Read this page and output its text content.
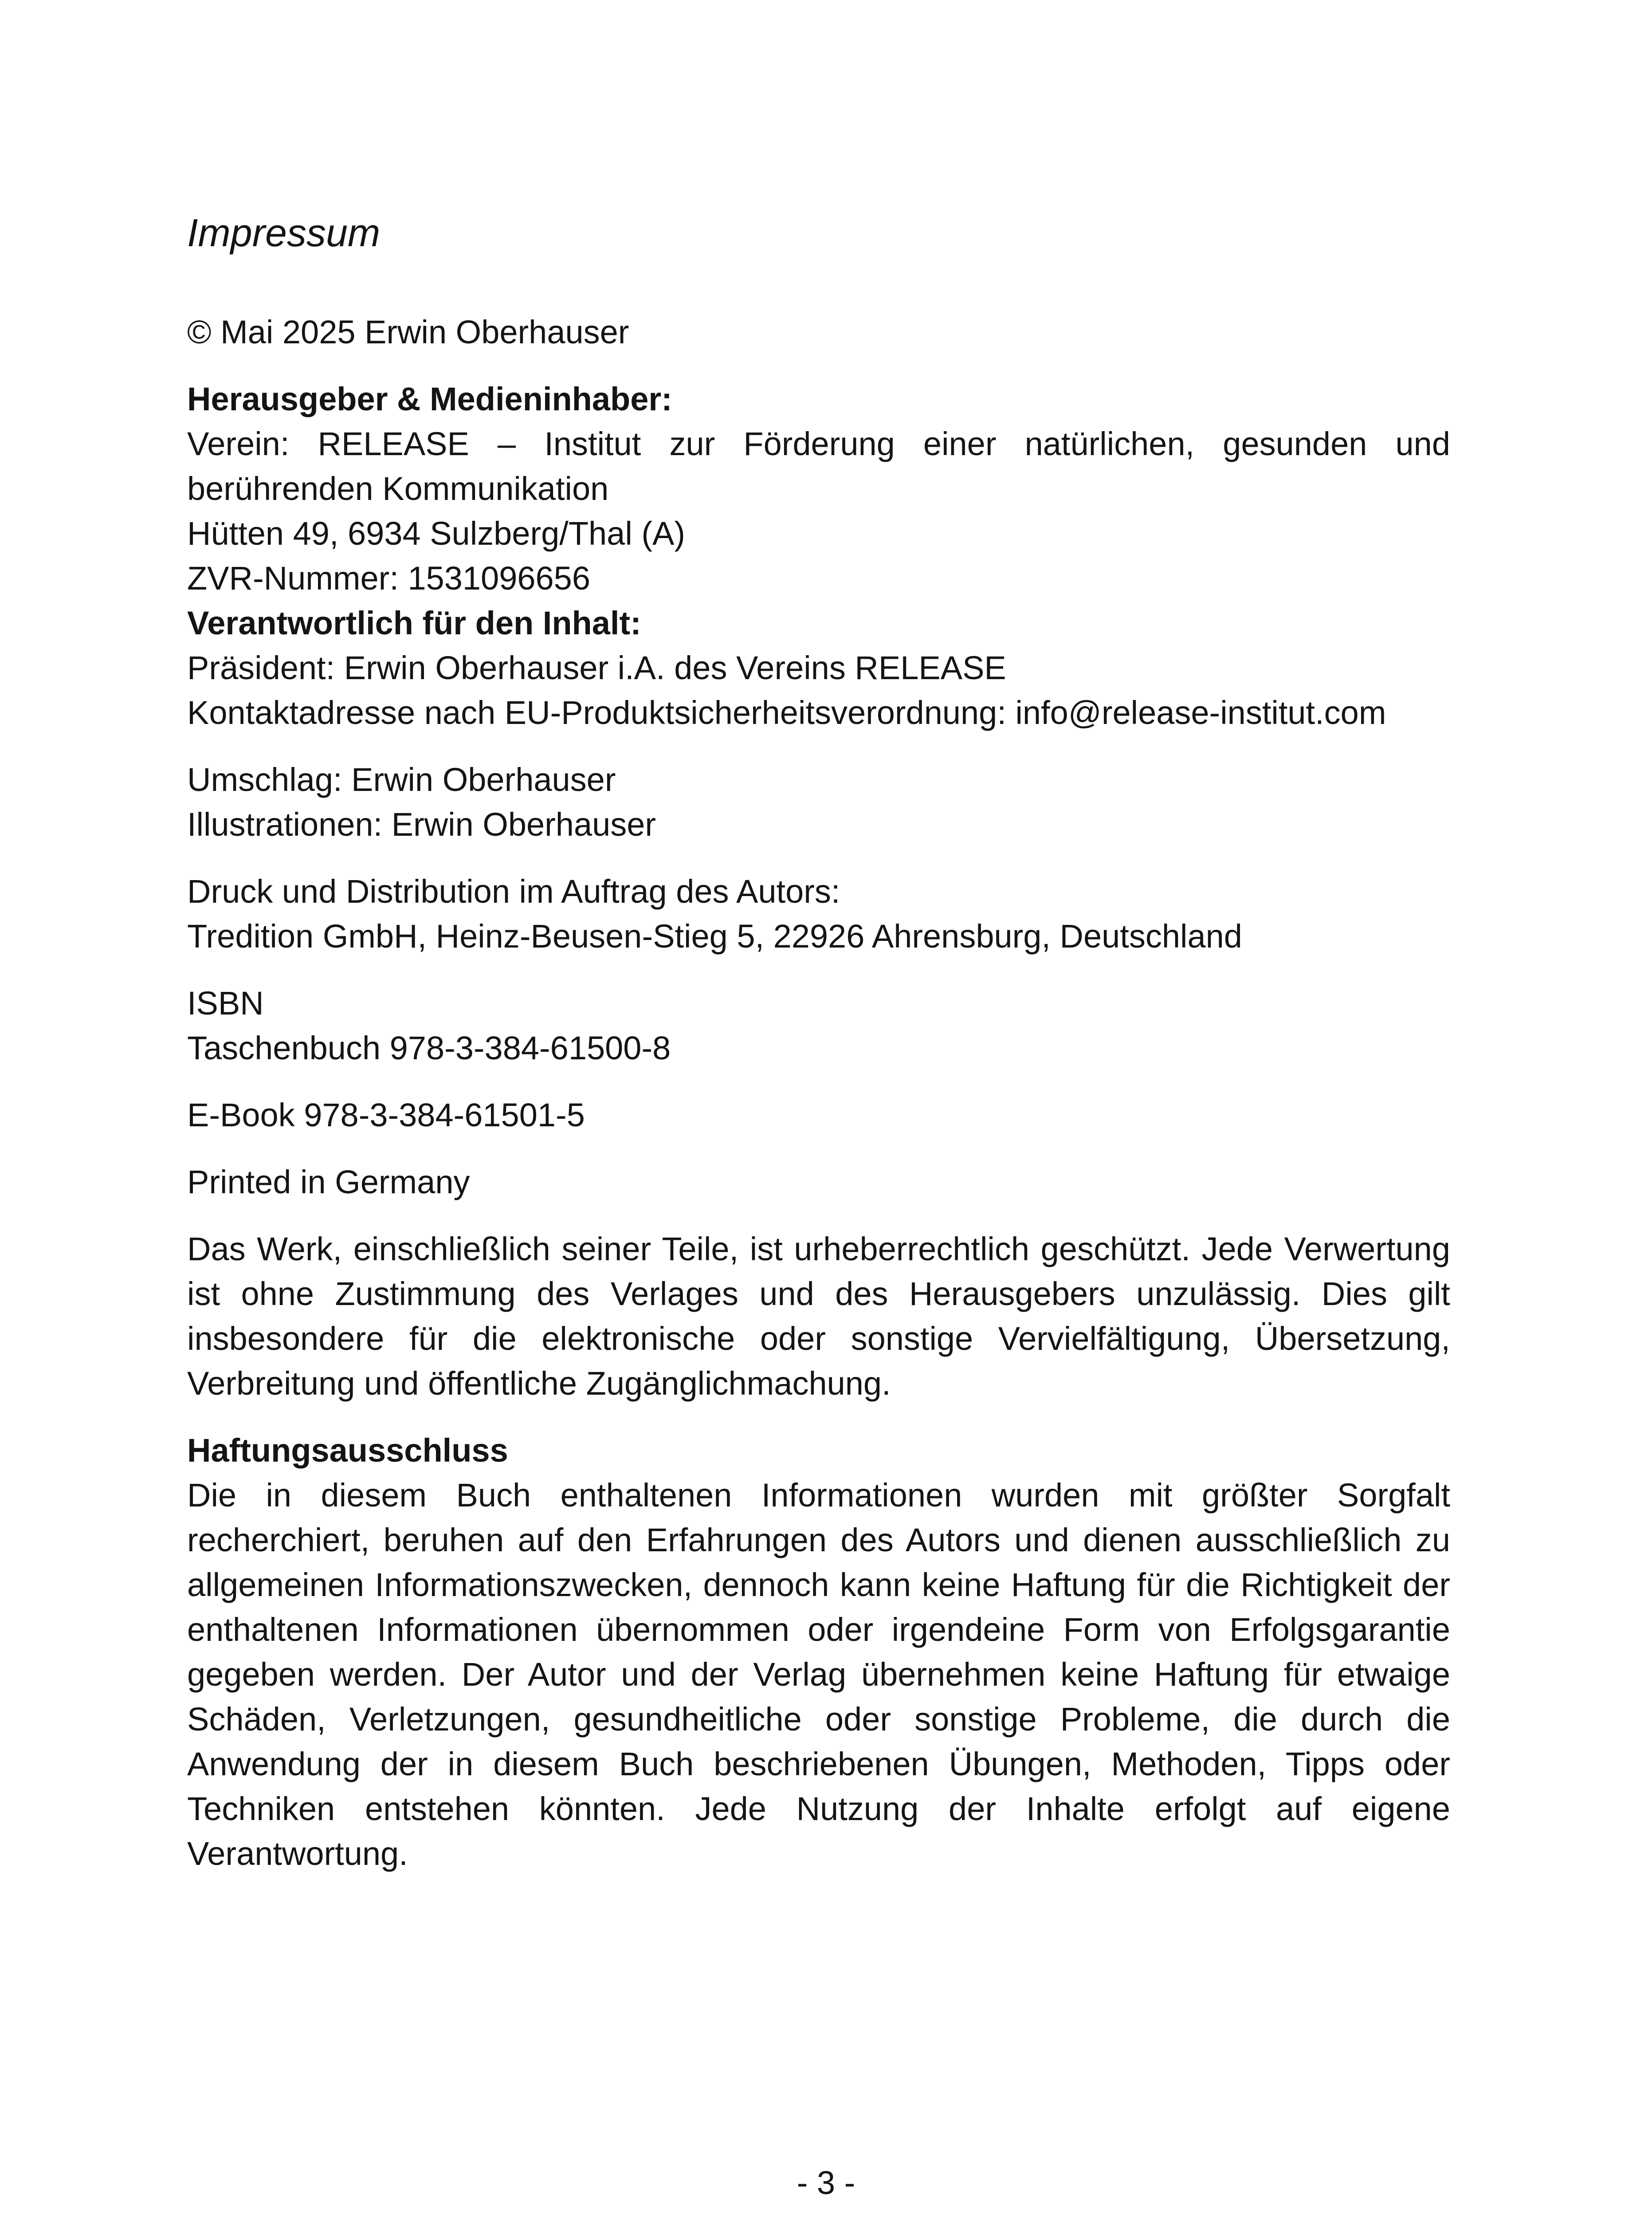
Impressum
© Mai 2025 Erwin Oberhauser
Herausgeber & Medieninhaber:
Verein: RELEASE – Institut zur Förderung einer natürlichen, gesunden und berührenden Kommunikation
Hütten 49, 6934 Sulzberg/Thal (A)
ZVR-Nummer: 1531096656
Verantwortlich für den Inhalt:
Präsident: Erwin Oberhauser i.A. des Vereins RELEASE
Kontaktadresse nach EU-Produktsicherheitsverordnung: info@release-institut.com
Umschlag: Erwin Oberhauser
Illustrationen: Erwin Oberhauser
Druck und Distribution im Auftrag des Autors:
Tredition GmbH, Heinz-Beusen-Stieg 5, 22926 Ahrensburg, Deutschland
ISBN
Taschenbuch 978-3-384-61500-8
E-Book 978-3-384-61501-5
Printed in Germany
Das Werk, einschließlich seiner Teile, ist urheberrechtlich geschützt. Jede Verwertung ist ohne Zustimmung des Verlages und des Herausgebers unzulässig. Dies gilt insbesondere für die elektronische oder sonstige Vervielfältigung, Übersetzung, Verbreitung und öffentliche Zugänglichmachung.
Haftungsausschluss
Die in diesem Buch enthaltenen Informationen wurden mit größter Sorgfalt recherchiert, beruhen auf den Erfahrungen des Autors und dienen ausschließlich zu allgemeinen Informationszwecken, dennoch kann keine Haftung für die Richtigkeit der enthaltenen Informationen übernommen oder irgendeine Form von Erfolgsgarantie gegeben werden. Der Autor und der Verlag übernehmen keine Haftung für etwaige Schäden, Verletzungen, gesundheitliche oder sonstige Probleme, die durch die Anwendung der in diesem Buch beschriebenen Übungen, Methoden, Tipps oder Techniken entstehen könnten. Jede Nutzung der Inhalte erfolgt auf eigene Verantwortung.
- 3 -
